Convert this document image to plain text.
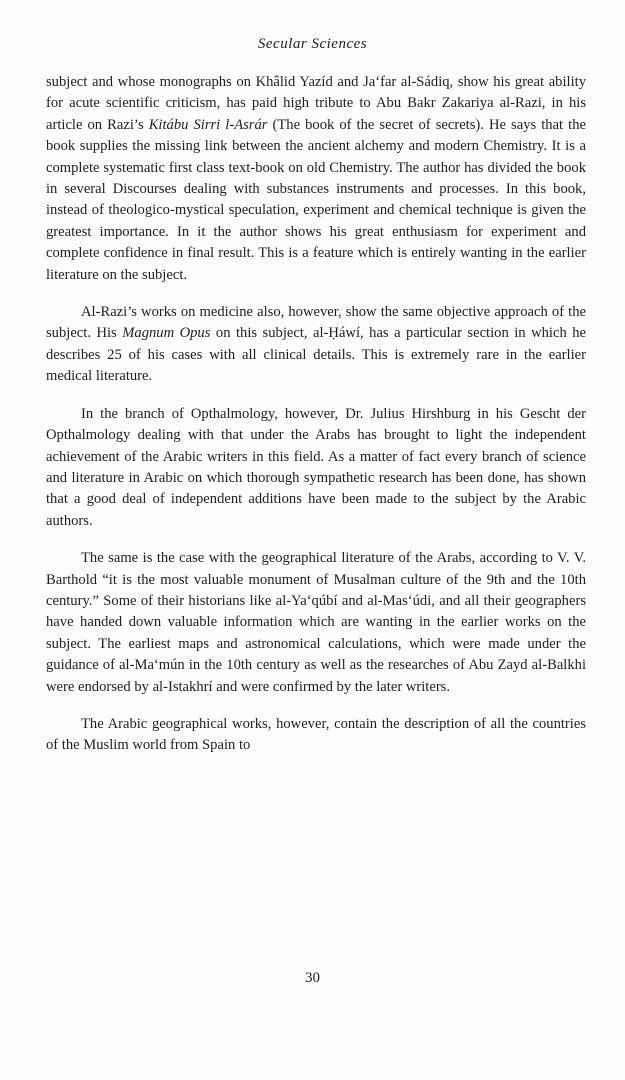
Secular Sciences

subject and whose monographs on Khâlid Yazíd and Ja‘far al-Sádiq, show his great ability for acute scientific criticism, has paid high tribute to Abu Bakr Zakariya al-Razi, in his article on Razi’s Kitábu Sirri l-Asrár (The book of the secret of secrets). He says that the book supplies the missing link between the ancient alchemy and modern Chemistry. It is a complete systematic first class text-book on old Chemistry. The author has divided the book in several Discourses dealing with substances instruments and processes. In this book, instead of theologico-mystical speculation, experiment and chemical technique is given the greatest importance. In it the author shows his great enthusiasm for experiment and complete confidence in final result. This is a feature which is entirely wanting in the earlier literature on the subject.

Al-Razi’s works on medicine also, however, show the same objective approach of the subject. His Magnum Opus on this subject, al-Ḥáwí, has a particular section in which he describes 25 of his cases with all clinical details. This is extremely rare in the earlier medical literature.

In the branch of Opthalmology, however, Dr. Julius Hirshburg in his Gescht der Opthalmology dealing with that under the Arabs has brought to light the independent achievement of the Arabic writers in this field. As a matter of fact every branch of science and literature in Arabic on which thorough sympathetic research has been done, has shown that a good deal of independent additions have been made to the subject by the Arabic authors.

The same is the case with the geographical literature of the Arabs, according to V. V. Barthold “it is the most valuable monument of Musalman culture of the 9th and the 10th century.” Some of their historians like al-Ya‘qúbí and al-Mas‘údi, and all their geographers have handed down valuable information which are wanting in the earlier works on the subject. The earliest maps and astronomical calculations, which were made under the guidance of al-Ma‘mún in the 10th century as well as the researches of Abu Zayd al-Balkhi were endorsed by al-Istakhrí and were confirmed by the later writers.

The Arabic geographical works, however, contain the description of all the countries of the Muslim world from Spain to

30
